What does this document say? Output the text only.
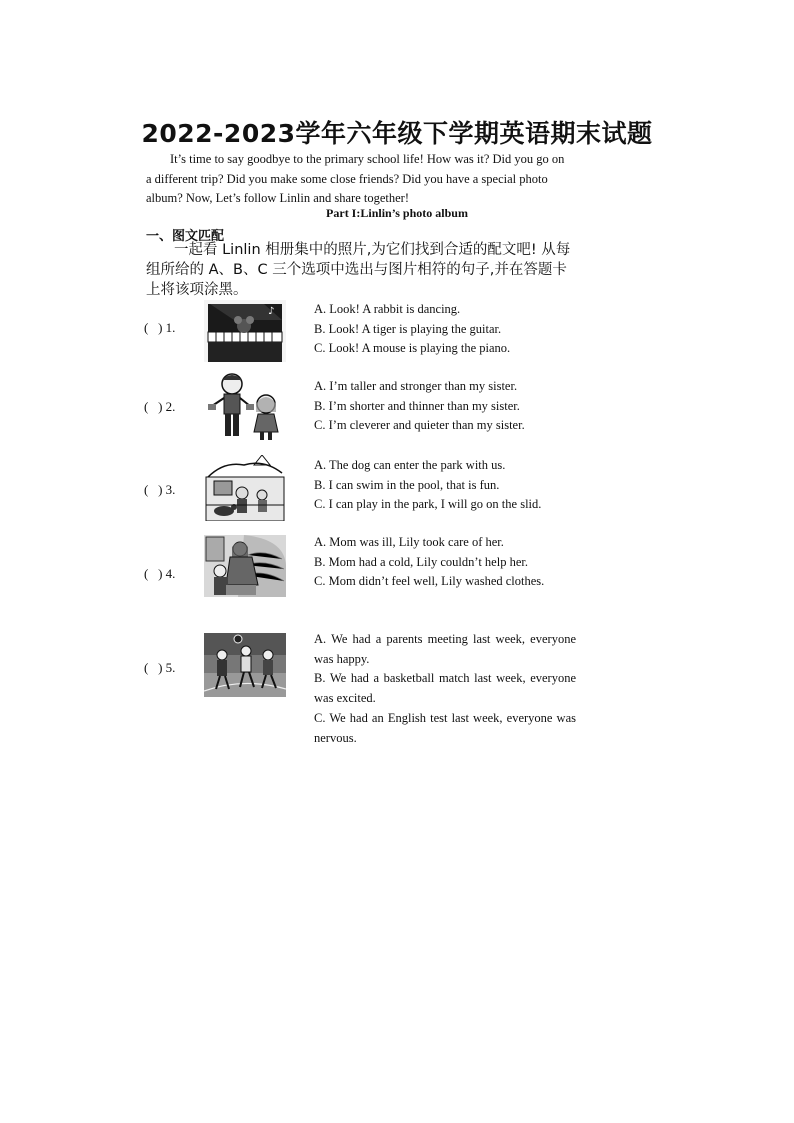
2022-2023学年六年级下学期英语期末试题
It’s time to say goodbye to the primary school life! How was it? Did you go on
a different trip? Did you make some close friends? Did you have a special photo
album? Now, Let’s follow Linlin and share together!
Part I:Linlin’s photo album
一、图文匹配
一起看 Linlin 相册集中的照片,为它们找到合适的配文吧! 从每组所给的 A、B、C 三个选项中选出与图片相符的句子,并在答题卡上将该项涂黑。
(   ) 1.
♪	A. Look! A rabbit is dancing.
B. Look! A tiger is playing the guitar.
C. Look! A mouse is playing the piano.
(   ) 2.
A. I’m taller and stronger than my sister.
B. I’m shorter and thinner than my sister.
C. I’m cleverer and quieter than my sister.
(   ) 3.
A. The dog can enter the park with us.
B. I can swim in the pool, that is fun.
C. I can play in the park, I will go on the slid.
(   ) 4.
A. Mom was ill, Lily took care of her.
B. Mom had a cold, Lily couldn’t help her.
C. Mom didn’t feel well, Lily washed clothes.
(   ) 5.
A. We had a parents meeting last week, everyone was happy.
B. We had a basketball match last week, everyone was excited.
C. We had an English test last week, everyone was nervous.
